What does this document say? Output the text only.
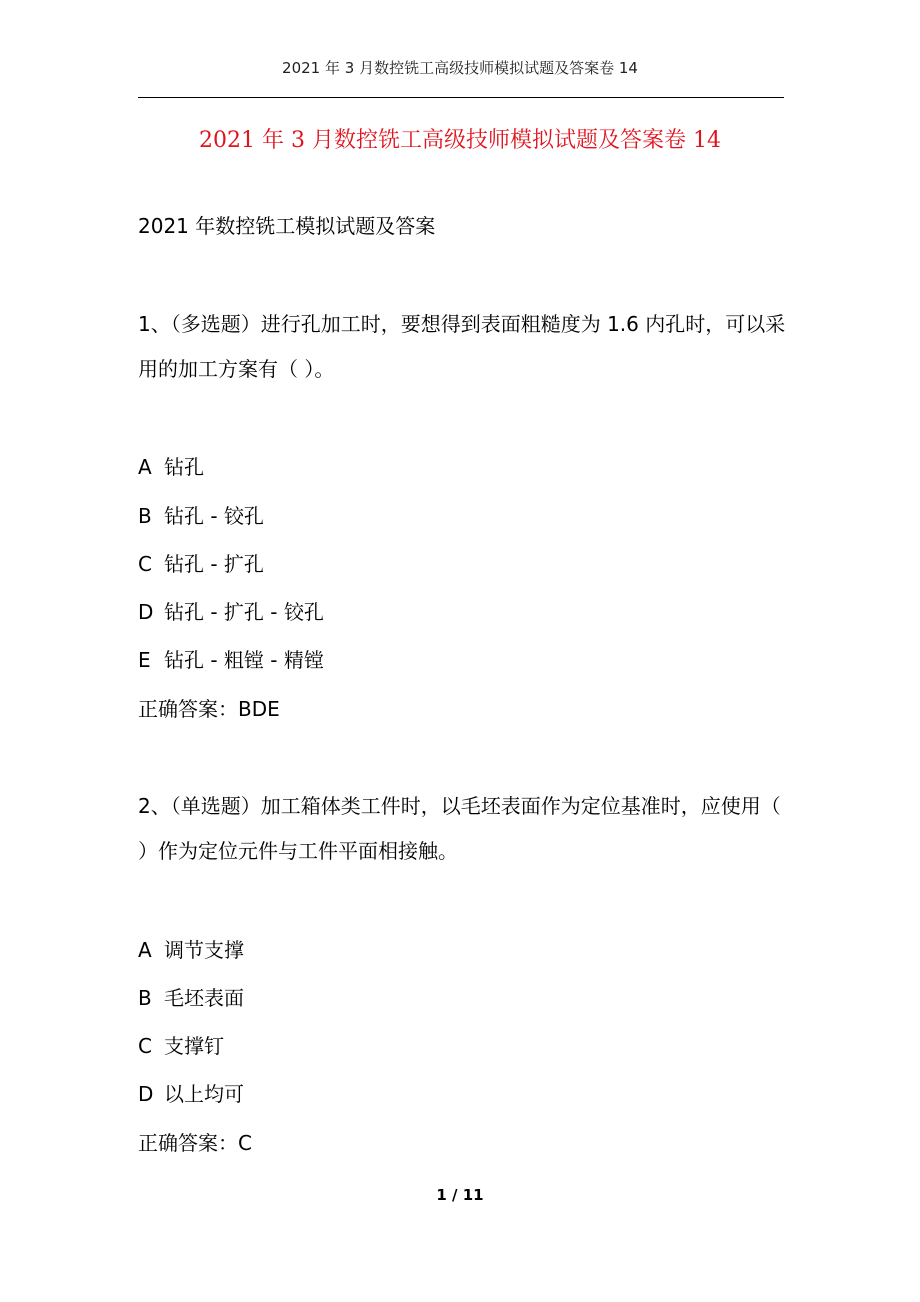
2021 年 3 月数控铣工高级技师模拟试题及答案卷 14
2021 年 3 月数控铣工高级技师模拟试题及答案卷 14
2021 年数控铣工模拟试题及答案

1、（多选题）进行孔加工时，要想得到表面粗糙度为 1.6 内孔时，可以采用的加工方案有（ ）。

A 钻孔
B 钻孔 - 铰孔
C 钻孔 - 扩孔
D 钻孔 - 扩孔 - 铰孔
E 钻孔 - 粗镗 - 精镗
正确答案：BDE

2、（单选题）加工箱体类工件时，以毛坯表面作为定位基准时，应使用（ ）作为定位元件与工件平面相接触。

A 调节支撑
B 毛坯表面
C 支撑钉
D 以上均可
正确答案：C
1 / 11
